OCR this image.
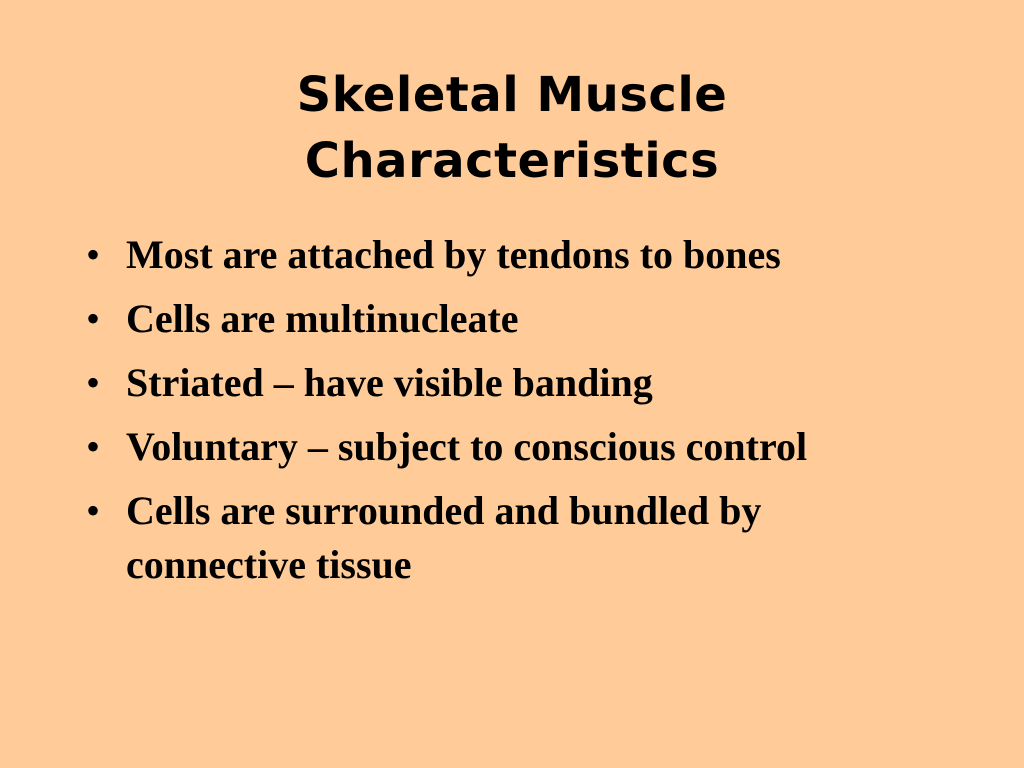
Skeletal Muscle
Characteristics
• Most are attached by tendons to bones
• Cells are multinucleate
• Striated – have visible banding
• Voluntary – subject to conscious control
• Cells are surrounded and bundled by connective tissue
